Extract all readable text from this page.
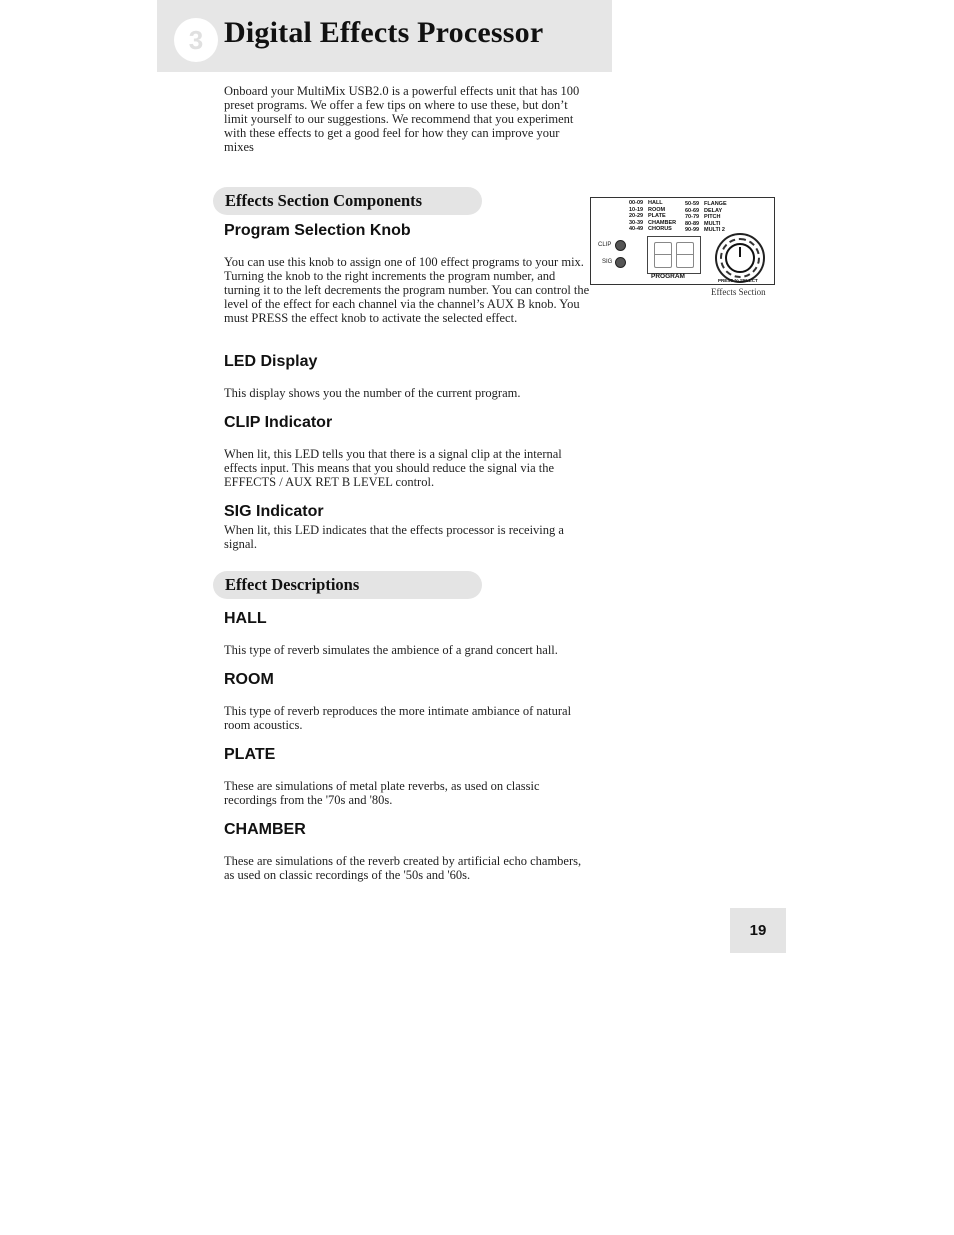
3 Digital Effects Processor

Onboard your MultiMix USB2.0 is a powerful effects unit that has 100 preset programs. We offer a few tips on where to use these, but don’t limit yourself to our suggestions. We recommend that you experiment with these effects to get a good feel for how they can improve your mixes

Effects Section Components
Program Selection Knob

You can use this knob to assign one of 100 effect programs to your mix. Turning the knob to the right increments the program number, and turning it to the left decrements the program number. You can control the level of the effect for each channel via the channel’s AUX B knob. You must PRESS the effect knob to activate the selected effect.

LED Display

This display shows you the number of the current program.

CLIP Indicator

When lit, this LED tells you that there is a signal clip at the internal effects input. This means that you should reduce the signal via the EFFECTS / AUX RET B LEVEL control.

SIG Indicator

When lit, this LED indicates that the effects processor is receiving a signal.

Effect Descriptions
HALL

This type of reverb simulates the ambience of a grand concert hall.

ROOM

This type of reverb reproduces the more intimate ambiance of natural room acoustics.

PLATE

These are simulations of metal plate reverbs, as used on classic recordings from the '70s and '80s.

CHAMBER

These are simulations of the reverb created by artificial echo chambers, as used on classic recordings of the '50s and '60s.

00-09 HALL
10-19 ROOM
20-29 PLATE
30-39 CHAMBER
40-49 CHORUS
50-59 FLANGE
60-69 DELAY
70-79 PITCH
80-89 MULTI
90-99 MULTI 2
CLIP
SIG
PROGRAM
PRESS to SELECT
Effects Section
19
